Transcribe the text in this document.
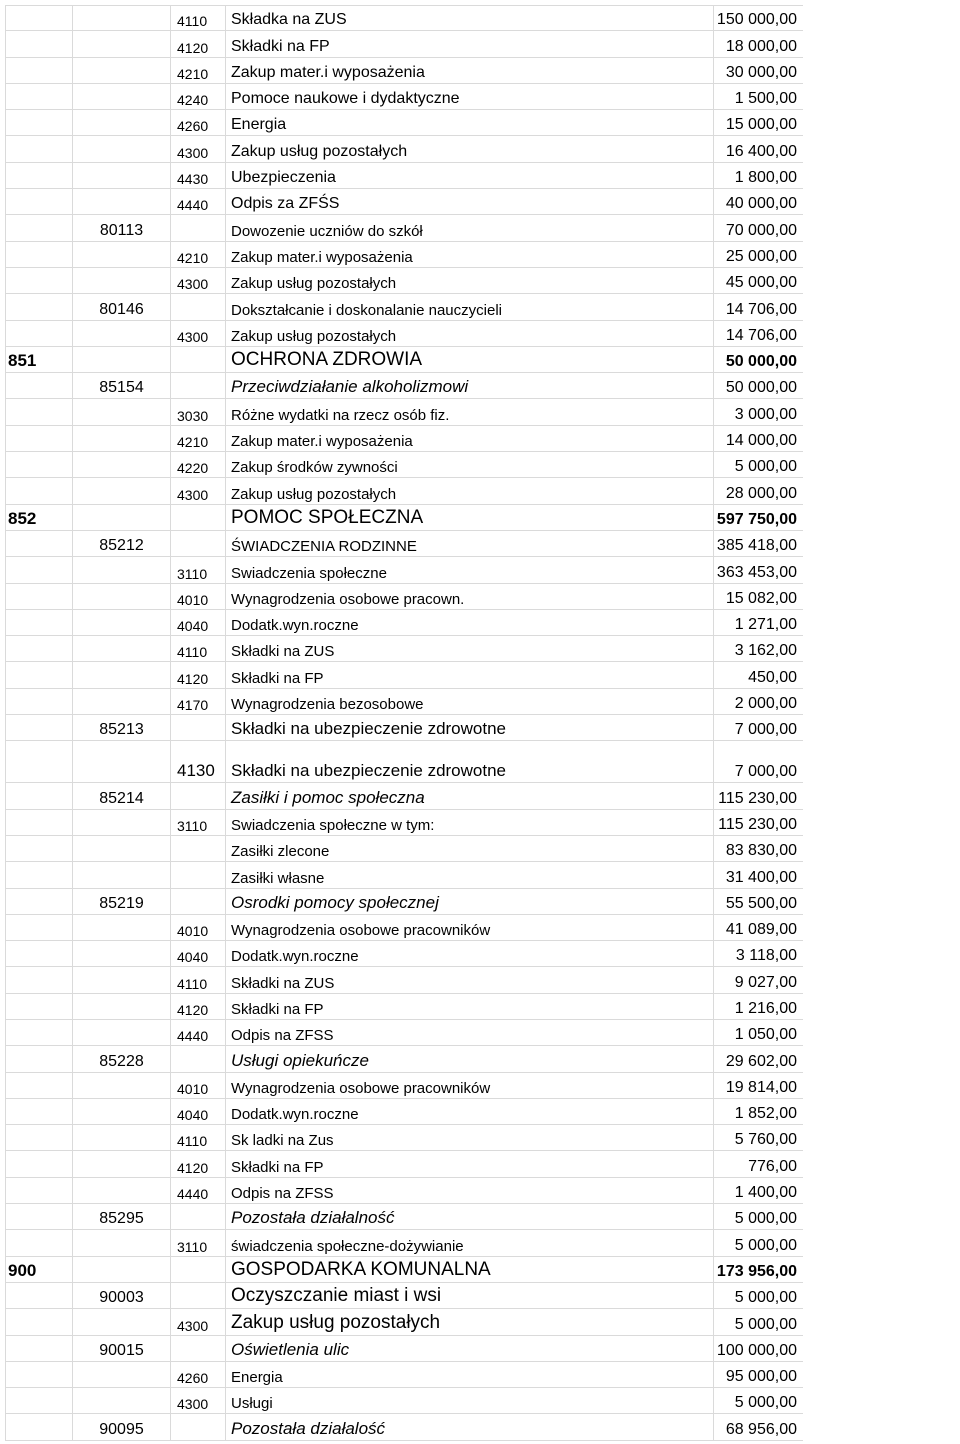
4110 Składka na ZUS	150 000,00
4120 Składki na FP	18 000,00
4210 Zakup mater.i wyposażenia	30 000,00
4240 Pomoce naukowe i dydaktyczne	1 500,00
4260 Energia	15 000,00
4300 Zakup usług pozostałych	16 400,00
4430 Ubezpieczenia	1 800,00
4440 Odpis za ZFŚS	40 000,00
80113	Dowozenie uczniów do szkół	70 000,00
4210 Zakup mater.i wyposażenia	25 000,00
4300 Zakup usług pozostałych	45 000,00
80146	Dokształcanie i doskonalanie nauczycieli	14 706,00
4300 Zakup usług pozostałych	14 706,00
851	OCHRONA ZDROWIA	50 000,00
85154	Przeciwdziałanie alkoholizmowi	50 000,00
3030 Różne wydatki na rzecz osób fiz.	3 000,00
4210 Zakup mater.i wyposażenia	14 000,00
4220 Zakup środków zywności	5 000,00
4300 Zakup usług pozostałych	28 000,00
852	POMOC SPOŁECZNA	597 750,00
85212	ŚWIADCZENIA RODZINNE	385 418,00
3110 Swiadczenia społeczne	363 453,00
4010 Wynagrodzenia osobowe pracown.	15 082,00
4040 Dodatk.wyn.roczne	1 271,00
4110 Składki na ZUS	3 162,00
4120 Składki na FP	450,00
4170 Wynagrodzenia bezosobowe	2 000,00
85213	Składki na ubezpieczenie zdrowotne	7 000,00
4130 Składki na ubezpieczenie zdrowotne	7 000,00
85214	Zasiłki i pomoc społeczna	115 230,00
3110 Swiadczenia społeczne w tym:	115 230,00
Zasiłki zlecone	83 830,00
Zasiłki własne	31 400,00
85219	Osrodki pomocy społecznej	55 500,00
4010 Wynagrodzenia osobowe pracowników	41 089,00
4040 Dodatk.wyn.roczne	3 118,00
4110 Składki na ZUS	9 027,00
4120 Składki na FP	1 216,00
4440 Odpis na ZFSS	1 050,00
85228	Usługi opiekuńcze	29 602,00
4010 Wynagrodzenia osobowe pracowników	19 814,00
4040 Dodatk.wyn.roczne	1 852,00
4110 Sk ladki na Zus	5 760,00
4120 Składki na FP	776,00
4440 Odpis na ZFSS	1 400,00
85295	Pozostała działalność	5 000,00
3110 świadczenia społeczne-dożywianie	5 000,00
900	GOSPODARKA KOMUNALNA	173 956,00
90003	Oczyszczanie miast i wsi	5 000,00
4300 Zakup usług pozostałych	5 000,00
90015	Oświetlenia ulic	100 000,00
4260 Energia	95 000,00
4300 Usługi	5 000,00
90095	Pozostała działalość	68 956,00
